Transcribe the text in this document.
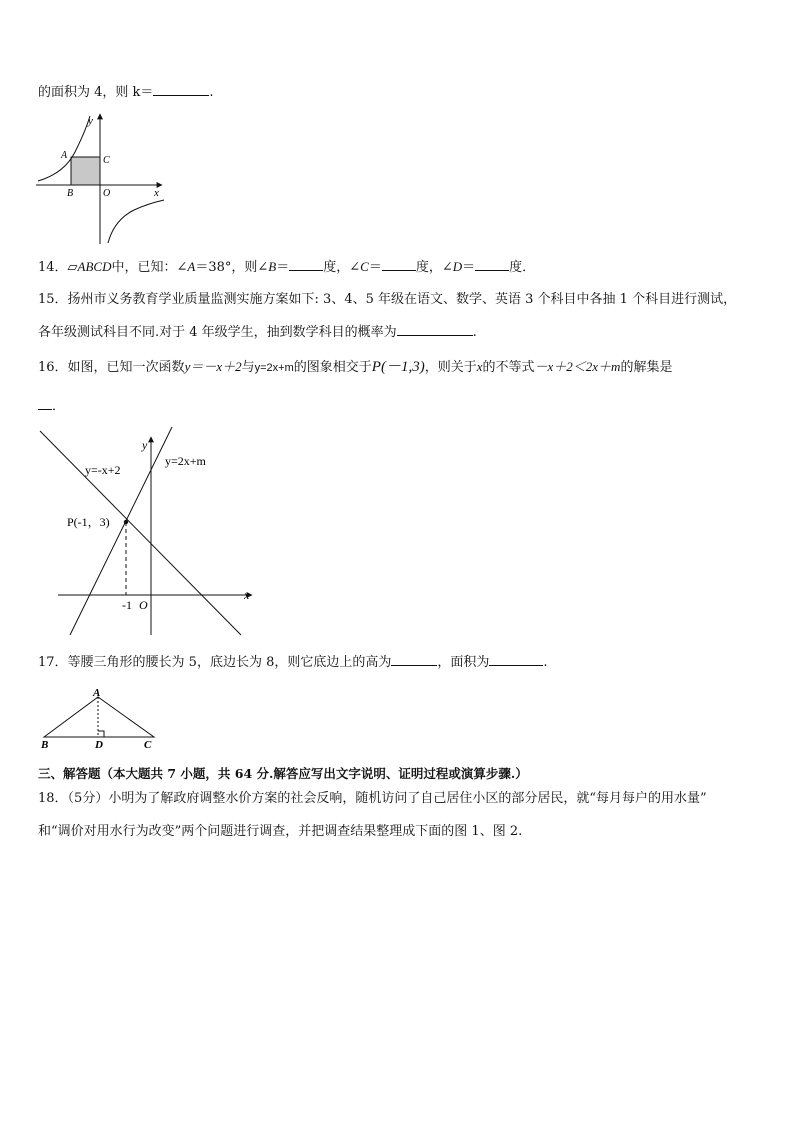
的面积为 4，则 k＝	.
y
x
A
B
C
O
14．▱ABCD中，已知：∠A＝38°，则∠B＝	度，∠C＝	度，∠D＝	度．
15．扬州市义务教育学业质量监测实施方案如下: 3、4、5 年级在语文、数学、英语 3 个科目中各抽 1 个科目进行测试，
各年级测试科目不同.对于 4 年级学生，抽到数学科目的概率为	.
16．如图，已知一次函数y＝－x＋2与y=2x+m的图象相交于P(－1,3)，则关于x的不等式－x＋2＜2x＋m的解集是
．
y
x
O
y=-x+2
y=2x+m
P(-1，3)
-1
17．等腰三角形的腰长为 5，底边长为 8，则它底边上的高为	，面积为	.
A
B	D	C
三、解答题（本大题共 7 小题，共 64 分.解答应写出文字说明、证明过程或演算步骤.）
18．（5分）小明为了解政府调整水价方案的社会反响，随机访问了自己居住小区的部分居民，就“每月每户的用水量”
和“调价对用水行为改变”两个问题进行调查，并把调查结果整理成下面的图 1、图 2.
